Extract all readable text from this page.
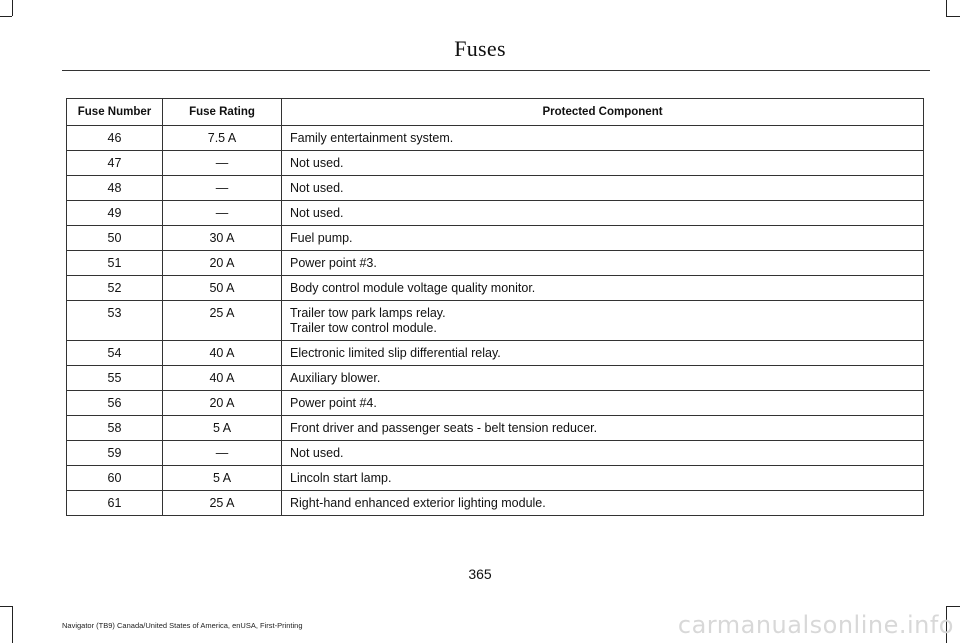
Fuses
Fuse Number	Fuse Rating	Protected Component
46	7.5 A	Family entertainment system.

47	—	Not used.

48	—	Not used.

49	—	Not used.

50	30 A	Fuel pump.

51	20 A	Power point #3.

52	50 A	Body control module voltage quality monitor.

53	25 A	Trailer tow park lamps relay.
Trailer tow control module.

54	40 A	Electronic limited slip differential relay.

55	40 A	Auxiliary blower.

56	20 A	Power point #4.

58	5 A	Front driver and passenger seats - belt tension reducer.

59	—	Not used.

60	5 A	Lincoln start lamp.

61	25 A	Right-hand enhanced exterior lighting module.
365
Navigator (TB9) Canada/United States of America, enUSA, First-Printing	carmanualsonline.info
